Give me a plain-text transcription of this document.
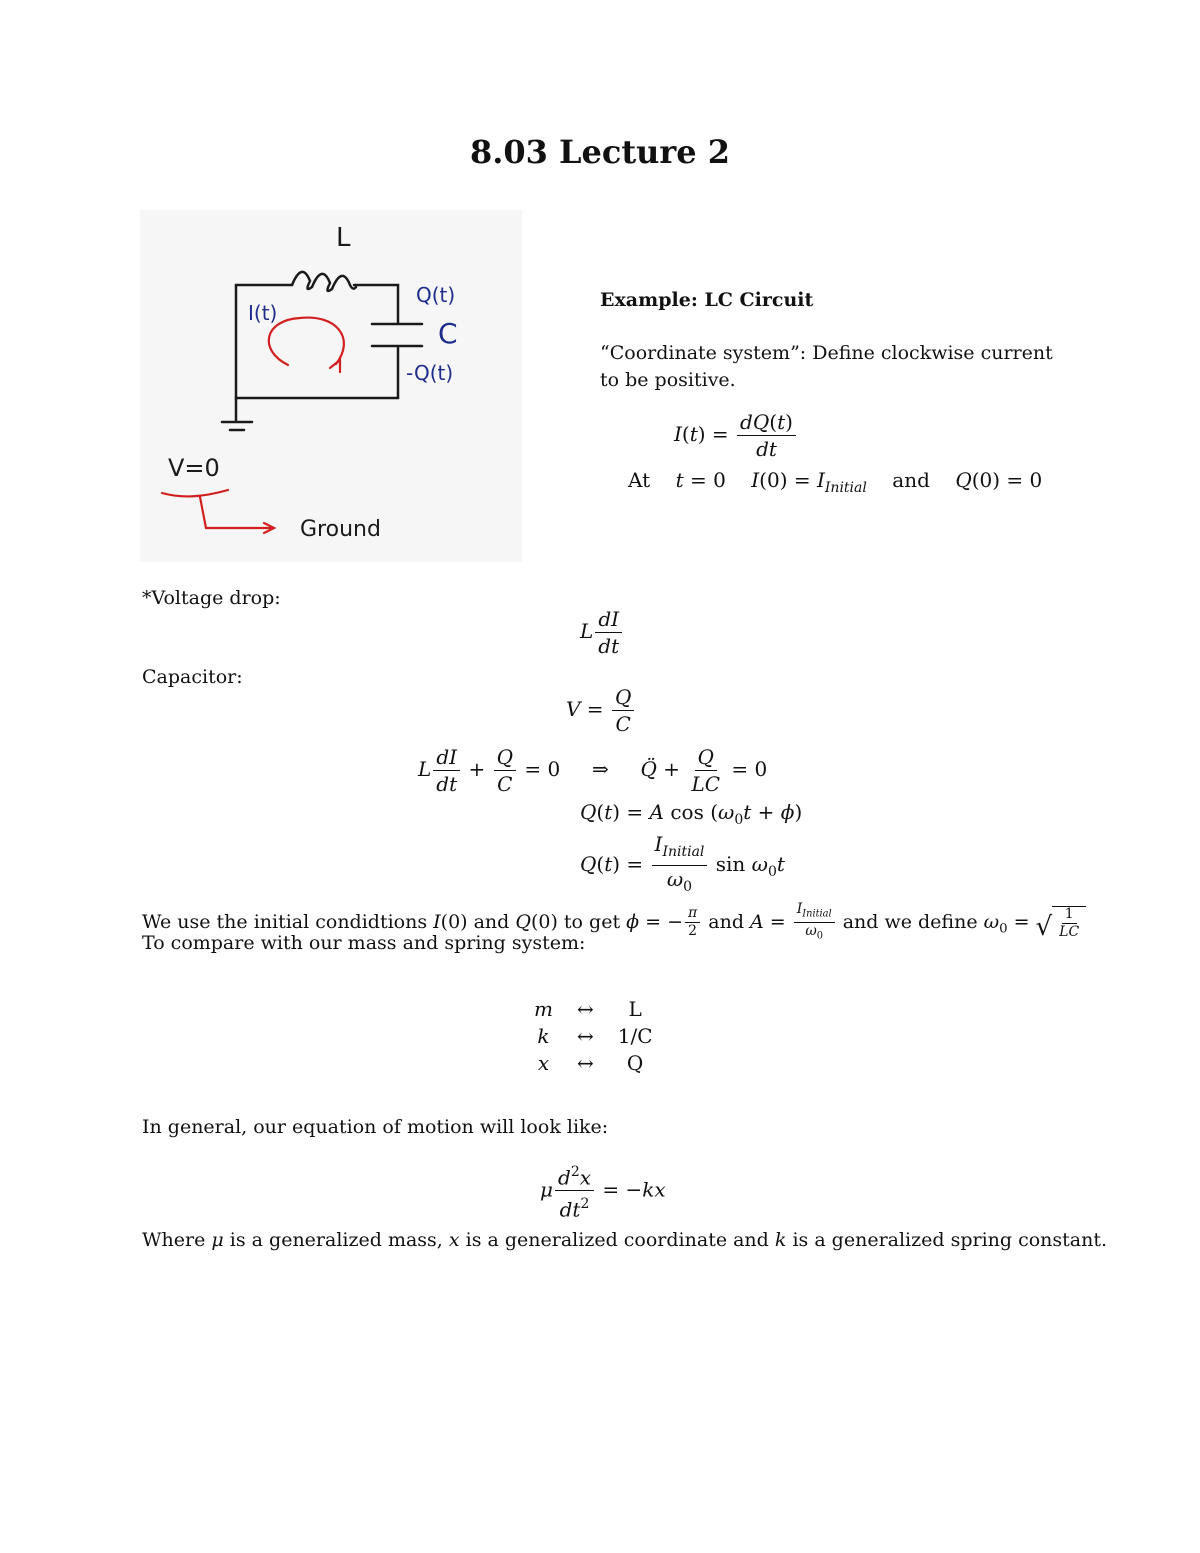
8.03 Lecture 2
L
I(t)
Q(t)
C
-Q(t)
V=0
Ground
Example: LC Circuit
“Coordinate system”: Define clockwise current to be positive.
$I(t) = \frac{dQ(t)}{dt}$
At t = 0    $I(0) = I_{Initial}$ and Q(0) = 0
*Voltage drop:
L $\frac{dI}{dt}$
Capacitor:
$V = \frac{Q}{C}$
L $\frac{dI}{dt} + \frac{Q}{C} = 0$     ⇒     Q̈ + $\frac{Q}{LC} = 0$
Q(t) = A $\cos (\omega_0t + \phi)$
$Q(t) = \frac{I_{Initial}}{\omega_0}$ $\sin \omega_0t$
We use the initial condidtions I(0) and Q(0) to get ϕ = − $\frac{\pi}{2}$ and $A = \frac{I_{Initial}}{\omega_0}$ and we define $\omega_0$ = √ $\frac{1}{LC}$
To compare with our mass and spring system:
m	↔	L
k	↔	1/C
x	↔	Q
In general, our equation of motion will look like:
μ $\frac{d^2x}{dt^2} = -kx$
Where μ is a generalized mass, x is a generalized coordinate and k is a generalized spring constant.
